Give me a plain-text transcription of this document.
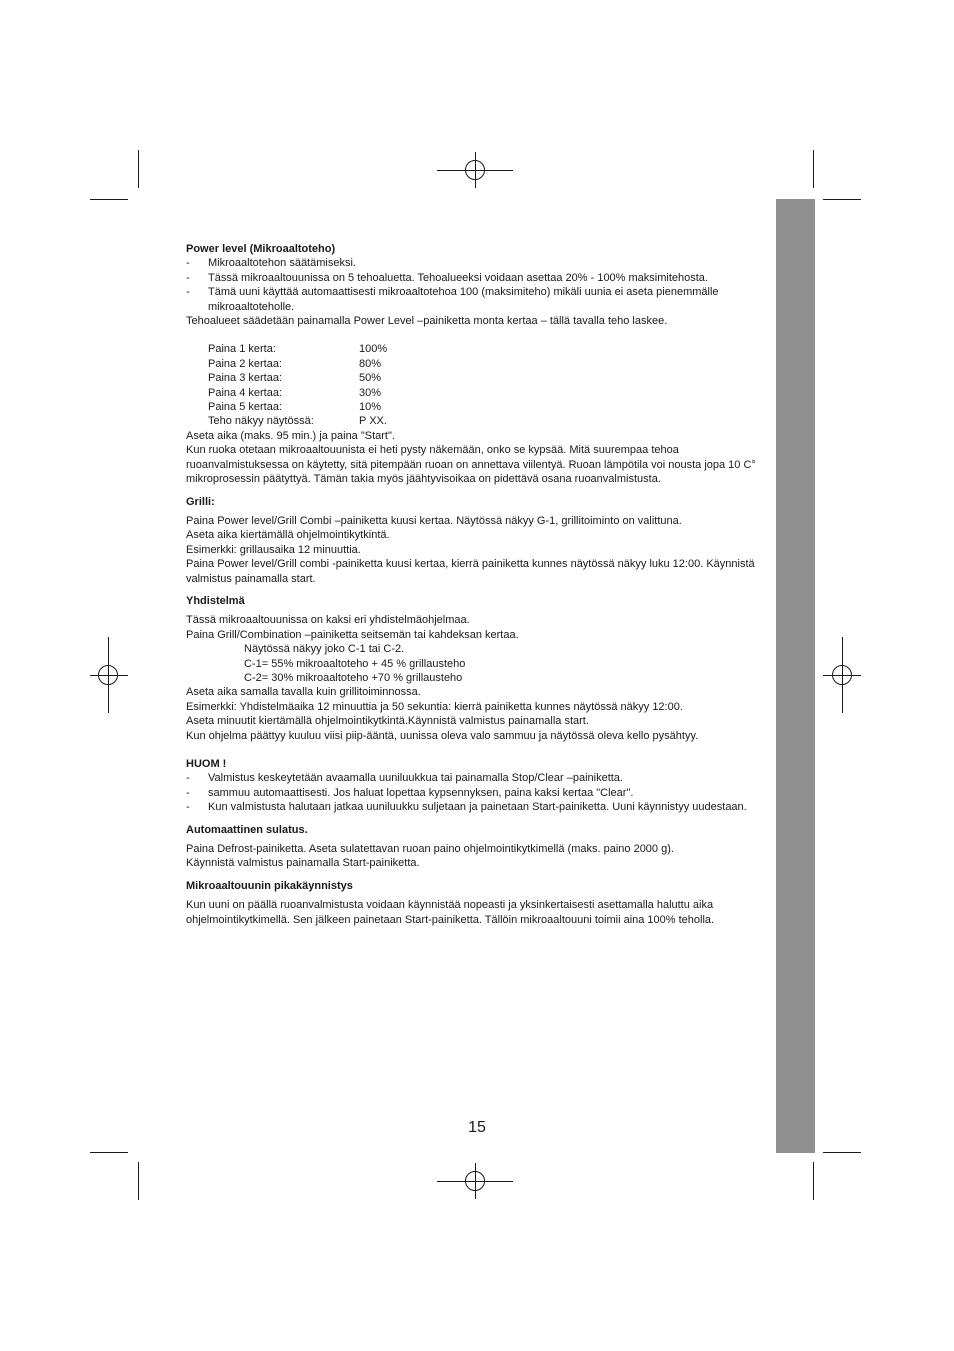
Power level (Mikroaaltoteho)
- Mikroaaltotehon säätämiseksi.
- Tässä mikroaaltouunissa on 5 tehoaluetta. Tehoalueeksi voidaan asettaa 20% - 100% maksimitehosta.
- Tämä uuni käyttää automaattisesti mikroaaltotehoa 100 (maksimiteho) mikäli uunia ei aseta pienemmälle mikroaaltoteholle.

Tehoalueet säädetään painamalla Power Level –painiketta monta kertaa – tällä tavalla teho laskee.

Paina 1 kerta:	100%
Paina 2 kertaa:	80%
Paina 3 kertaa:	50%
Paina 4 kertaa:	30%
Paina 5 kertaa:	10%
Teho näkyy näytössä:	P XX.

Aseta aika (maks. 95 min.) ja paina "Start".

Kun ruoka otetaan mikroaaltouunista ei heti pysty näkemään, onko se kypsää. Mitä suurempaa tehoa ruoanvalmistuksessa on käytetty, sitä pitempään ruoan on annettava viilentyä. Ruoan lämpötila voi nousta jopa 10 C° mikroprosessin päätyttyä. Tämän takia myös jäähtyvisoikaa on pidettävä osana ruoanvalmistusta.

Grilli:

Paina Power level/Grill Combi –painiketta kuusi kertaa. Näytössä näkyy G-1, grillitoiminto on valittuna.

Aseta aika kiertämällä ohjelmointikytkintä.

Esimerkki: grillausaika 12 minuuttia.

Paina Power level/Grill combi -painiketta kuusi kertaa, kierrä painiketta kunnes näytössä näkyy luku 12:00. Käynnistä valmistus painamalla start.

Yhdistelmä

Tässä mikroaaltouunissa on kaksi eri yhdistelmäohjelmaa.

Paina Grill/Combination –painiketta seitsemän tai kahdeksan kertaa.

Näytössä näkyy joko C-1 tai C-2.

C-1= 55% mikroaaltoteho + 45 % grillausteho

C-2= 30% mikroaaltoteho +70 % grillausteho

Aseta aika samalla tavalla kuin grillitoiminnossa.

Esimerkki: Yhdistelmäaika 12 minuuttia ja 50 sekuntia: kierrä painiketta kunnes näytössä näkyy 12:00.

Aseta minuutit kiertämällä ohjelmointikytkintä.Käynnistä valmistus painamalla start.

Kun ohjelma päättyy kuuluu viisi piip-ääntä, uunissa oleva valo sammuu ja näytössä oleva kello pysähtyy.

HUOM !
- Valmistus keskeytetään avaamalla uuniluukkua tai painamalla Stop/Clear –painiketta.
- sammuu automaattisesti. Jos haluat lopettaa kypsennyksen, paina kaksi kertaa "Clear".
- Kun valmistusta halutaan jatkaa uuniluukku suljetaan ja painetaan Start-painiketta. Uuni käynnistyy uudestaan.
Automaattinen sulatus.

Paina Defrost-painiketta. Aseta sulatettavan ruoan paino ohjelmointikytkimellä (maks. paino 2000 g).

Käynnistä valmistus painamalla Start-painiketta.

Mikroaaltouunin pikakäynnistys

Kun uuni on päällä ruoanvalmistusta voidaan käynnistää nopeasti ja yksinkertaisesti asettamalla haluttu aika ohjelmointikytkimellä. Sen jälkeen painetaan Start-painiketta. Tällöin mikroaaltouuni toimii aina 100% teholla.

15
